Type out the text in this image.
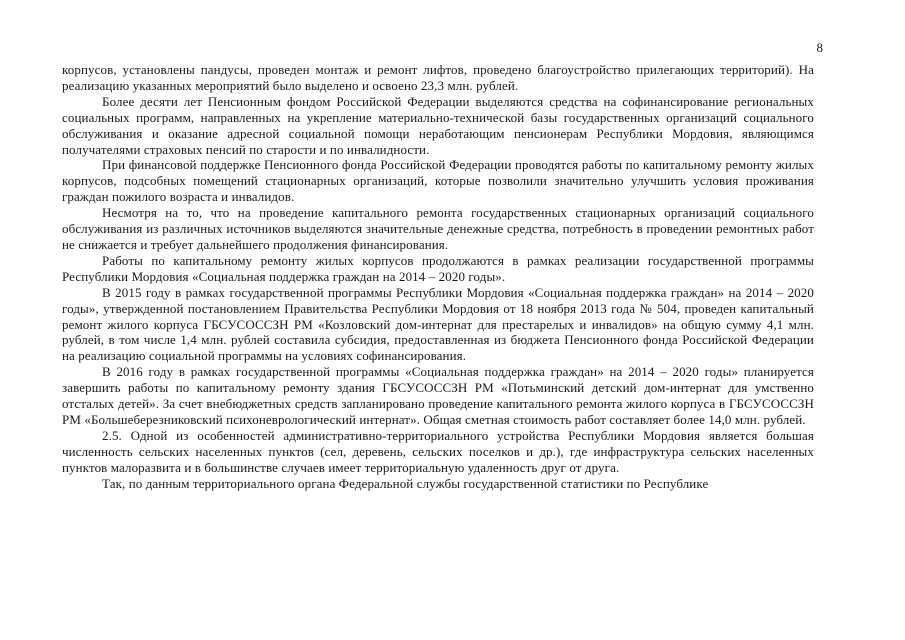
8

корпусов, установлены пандусы, проведен монтаж и ремонт лифтов, проведено благоустройство прилегающих территорий). На реализацию указанных мероприятий было выделено и освоено 23,3 млн. рублей.

Более десяти лет Пенсионным фондом Российской Федерации выделяются средства на софинансирование региональных социальных программ, направленных на укрепление материально-технической базы государственных организаций социального обслуживания и оказание адресной социальной помощи неработающим пенсионерам Республики Мордовия, являющимся получателями страховых пенсий по старости и по инвалидности.

При финансовой поддержке Пенсионного фонда Российской Федерации проводятся работы по капитальному ремонту жилых корпусов, подсобных помещений стационарных организаций, которые позволили значительно улучшить условия проживания граждан пожилого возраста и инвалидов.

Несмотря на то, что на проведение капитального ремонта государственных стационарных организаций социального обслуживания из различных источников выделяются значительные денежные средства, потребность в проведении ремонтных работ не снижается и требует дальнейшего продолжения финансирования.

Работы по капитальному ремонту жилых корпусов продолжаются в рамках реализации государственной программы Республики Мордовия «Социальная поддержка граждан на 2014 – 2020 годы».

В 2015 году в рамках государственной программы Республики Мордовия «Социальная поддержка граждан» на 2014 – 2020 годы», утвержденной постановлением Правительства Республики Мордовия от 18 ноября 2013 года № 504, проведен капитальный ремонт жилого корпуса ГБСУСОССЗН РМ «Козловский дом-интернат для престарелых и инвалидов» на общую сумму 4,1 млн. рублей, в том числе 1,4 млн. рублей составила субсидия, предоставленная из бюджета Пенсионного фонда Российской Федерации на реализацию социальной программы на условиях софинансирования.

В 2016 году в рамках государственной программы «Социальная поддержка граждан» на 2014 – 2020 годы» планируется завершить работы по капитальному ремонту здания ГБСУСОССЗН РМ «Потьминский детский дом-интернат для умственно отсталых детей». За счет внебюджетных средств запланировано проведение капитального ремонта жилого корпуса в ГБСУСОССЗН РМ «Большеберезниковский психоневрологический интернат». Общая сметная стоимость работ составляет более 14,0 млн. рублей.

2.5. Одной из особенностей административно-территориального устройства Республики Мордовия является большая численность сельских населенных пунктов (сел, деревень, сельских поселков и др.), где инфраструктура сельских населенных пунктов малоразвита и в большинстве случаев имеет территориальную удаленность друг от друга.

Так, по данным территориального органа Федеральной службы государственной статистики по Республике
